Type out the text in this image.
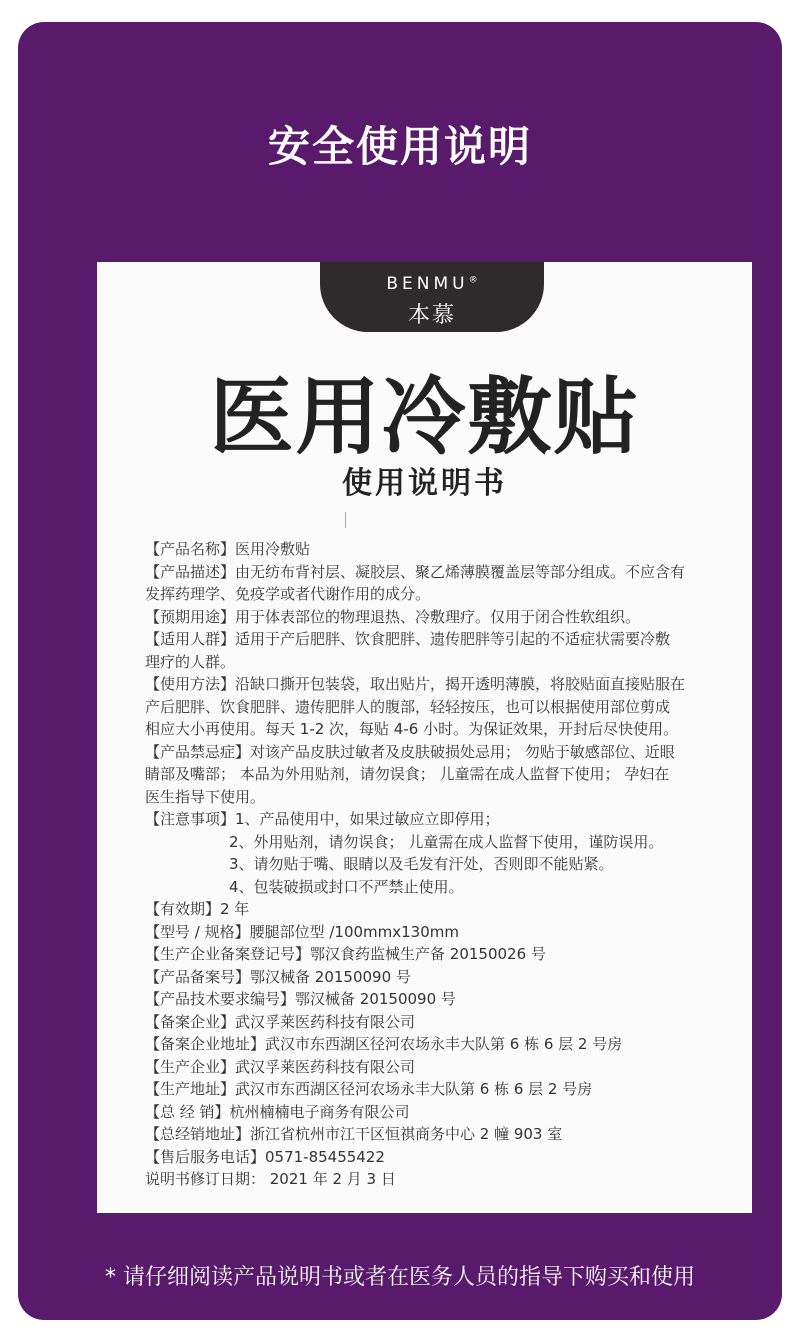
安全使用说明
BENMU®
本慕
医用冷敷贴
使用说明书

【产品名称】医用冷敷贴

【产品描述】由无纺布背衬层、凝胶层、聚乙烯薄膜覆盖层等部分组成。不应含有

发挥药理学、免疫学或者代谢作用的成分。

【预期用途】用于体表部位的物理退热、冷敷理疗。仅用于闭合性软组织。

【适用人群】适用于产后肥胖、饮食肥胖、遗传肥胖等引起的不适症状需要冷敷

理疗的人群。

【使用方法】沿缺口撕开包装袋，取出贴片，揭开透明薄膜，将胶贴面直接贴服在

产后肥胖、饮食肥胖、遗传肥胖人的腹部，轻轻按压，也可以根据使用部位剪成

相应大小再使用。每天 1-2 次，每贴 4-6 小时。为保证效果，开封后尽快使用。

【产品禁忌症】对该产品皮肤过敏者及皮肤破损处忌用； 勿贴于敏感部位、近眼

睛部及嘴部； 本品为外用贴剂，请勿误食； 儿童需在成人监督下使用； 孕妇在

医生指导下使用。

【注意事项】1、产品使用中，如果过敏应立即停用；

2、外用贴剂，请勿误食； 儿童需在成人监督下使用，谨防误用。

3、请勿贴于嘴、眼睛以及毛发有汗处，否则即不能贴紧。

4、包装破损或封口不严禁止使用。

【有效期】2 年

【型号 / 规格】腰腿部位型 /100mmx130mm

【生产企业备案登记号】鄂汉食药监械生产备 20150026 号

【产品备案号】鄂汉械备 20150090 号

【产品技术要求编号】鄂汉械备 20150090 号

【备案企业】武汉孚莱医药科技有限公司

【备案企业地址】武汉市东西湖区径河农场永丰大队第 6 栋 6 层 2 号房

【生产企业】武汉孚莱医药科技有限公司

【生产地址】武汉市东西湖区径河农场永丰大队第 6 栋 6 层 2 号房

【总 经 销】杭州楠楠电子商务有限公司

【总经销地址】浙江省杭州市江干区恒祺商务中心 2 幢 903 室

【售后服务电话】0571-85455422

说明书修订日期： 2021 年 2 月 3 日

* 请仔细阅读产品说明书或者在医务人员的指导下购买和使用
